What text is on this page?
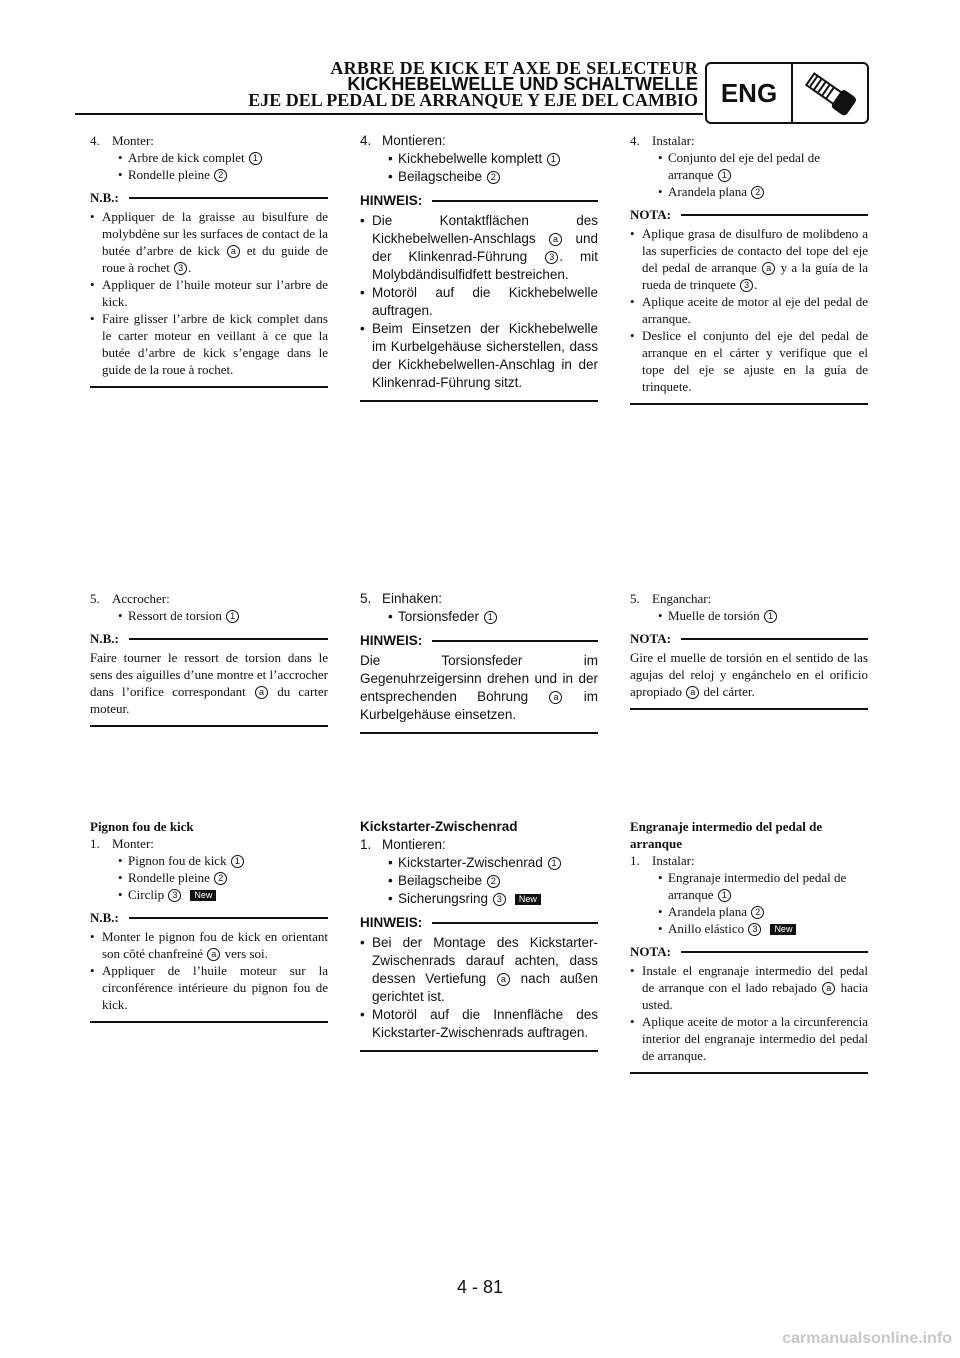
ARBRE DE KICK ET AXE DE SELECTEUR
KICKHEBELWELLE UND SCHALTWELLE
EJE DEL PEDAL DE ARRANQUE Y EJE DEL CAMBIO ENG
4. Monter:
• Arbre de kick complet 1
• Rondelle pleine 2
N.B.:
• Appliquer de la graisse au bisulfure de molybdène sur les surfaces de contact de la butée d’arbre de kick a et du guide de roue à rochet 3 .
• Appliquer de l’huile moteur sur l’arbre de kick.
• Faire glisser l’arbre de kick complet dans le carter moteur en veillant à ce que la butée d’arbre de kick s’engage dans le guide de la roue à rochet.
5. Accrocher:
• Ressort de torsion 1
N.B.:
Faire tourner le ressort de torsion dans le sens des aiguilles d’une montre et l’accrocher dans l’orifice correspondant a du carter moteur.
Pignon fou de kick
1. Monter:
• Pignon fou de kick 1
• Rondelle pleine 2
• Circlip 3 New
N.B.:
• Monter le pignon fou de kick en orientant son côté chanfreiné a vers soi.
• Appliquer de l’huile moteur sur la circonférence intérieure du pignon fou de kick.
4. Montieren:
• Kickhebelwelle komplett 1
• Beilagscheibe 2
HINWEIS:
• Die Kontaktflächen des Kickhebelwellen-Anschlags a und der Klinkenrad-Führung 3 . mit Molybdändisulfidfett bestreichen.
• Motoröl auf die Kickhebelwelle auftragen.
• Beim Einsetzen der Kickhebelwelle im Kurbelgehäuse sicherstellen, dass der Kickhebelwellen-Anschlag in der Klinkenrad-Führung sitzt.
5. Einhaken:
• Torsionsfeder 1
HINWEIS:
Die Torsionsfeder im Gegenuhrzeigersinn drehen und in der entsprechenden Bohrung	a im Kurbelgehäuse einsetzen.
Kickstarter-Zwischenrad
1. Montieren:
• Kickstarter-Zwischenrad 1
• Beilagscheibe 2
• Sicherungsring 3 New
HINWEIS:
• Bei der Montage des Kickstarter-Zwischenrads darauf achten, dass dessen Vertiefung a nach außen gerichtet ist.
• Motoröl auf die Innenfläche des Kickstarter-Zwischenrads auftragen.
4. Instalar:
• Conjunto del eje del pedal de arranque 1
• Arandela plana 2
NOTA:
• Aplique grasa de disulfuro de molibdeno a las superficies de contacto del tope del eje del pedal de arranque a y a la guía de la rueda de trinquete 3 .
• Aplique aceite de motor al eje del pedal de arranque.
• Deslice el conjunto del eje del pedal de arranque en el cárter y verifique que el tope del eje se ajuste en la guía de trinquete.
5. Enganchar:
• Muelle de torsión 1
NOTA:
Gire el muelle de torsión en el sentido de las agujas del reloj y engánchelo en el orificio apropiado a del cárter.
Engranaje intermedio del pedal de arranque
1. Instalar:
• Engranaje intermedio del pedal de arranque 1
• Arandela plana 2
• Anillo elástico 3 New
NOTA:
• Instale el engranaje intermedio del pedal de arranque con el lado rebajado a hacia usted.
• Aplique aceite de motor a la circunferencia interior del engranaje intermedio del pedal de arranque.
4 - 81
carmanualsonline.info
